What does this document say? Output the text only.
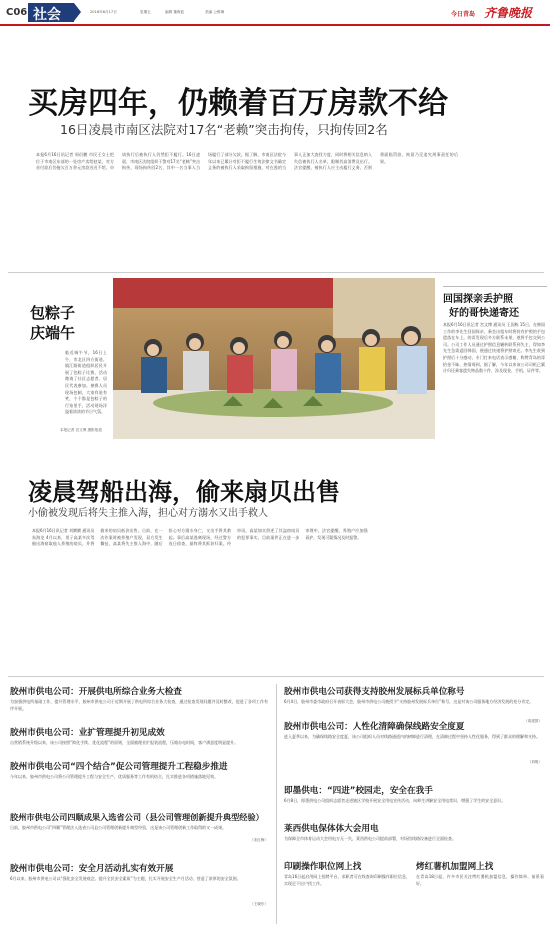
C06 社会	2016年6月17日	星期五	编辑 董海蓝	美编 公维琳	今日青岛 齐鲁晚报
买房四年，仍赖着百万房款不给
16日凌晨市南区法院对17名“老赖”突击拘传，只拘传回2名
本报6月16日讯记者 周衍鹏 市民王女士把位于市南区东部的一处房产卖给赵某，对方首付款后仍拖欠百万余元房款迟迟不给，申请执行后被执行人仍然拒不履行。16日凌晨，市南区法院组织干警对17名“老赖”突击拘传，现场拘传回2名，其中一名当事人当场履行了部分欠款。据了解，市南区法院今年以来已累计对拒不履行生效法律文书确定义务的被执行人采取拘留措施，对在逃的当事人正加大查找力度，同时将相关信息纳入失信被执行人名单，限制其高消费及出行。法官提醒，被执行人应主动履行义务，否则将面临罚款、拘留乃至追究刑事责任的后果。
包粽子
庆端午
临近端午节，16日上午，市北区四方街道、镇江路街道组织居民开展了包粽子比赛，活动邀请了社区志愿者、居民代表参加。参赛人员现场包制，大家有说有笑，个个都是包粽子的行家里手，活动现场洋溢着浓浓的节日气氛。
本报记者 宫文博 摄影报道
回国探亲丢护照
好的哥快递寄还
本报6月16日讯记者 宫文博 通讯员 王国栋 15日，在韩国工作的李先生回国探亲，乘坐出租车时将装有护照的手包遗落在车上。的哥发现后多方联系未果，遂将手包交到公司。公司工作人员通过护照信息辗转联系到失主，得知李先生急需返回韩国，便通过快递将护照寄还。李先生收到护照后十分感动，专门打来电话表示感谢，称赞青岛的哥拾金不昧、热情周到。据了解，今年以来该公司司机已累计归还乘客遗失物品数十件，涉及现金、手机、证件等。
凌晨驾船出海，偷来扇贝出售
小偷被发现后将失主推入海，担心对方溺水又出手救人
本报6月16日讯记者 刘腾腾 通讯员 朱海龙 4月以来，男子高某多次驾船出海窃取他人养殖的扇贝，并将偷来的扇贝低价出售。日前，在一次作案时被养殖户发现，双方发生撕扯，高某将失主推入海中，随后担心对方溺水身亡，又出手将其救起。事后高某逃离现场，经过警方连日侦查，最终将其抓获归案。经审讯，高某如实供述了其盗窃扇贝的犯罪事实，目前案件正在进一步审理中。法官提醒，养殖户应加强看护，发现可疑情况及时报警。
胶州市供电公司：开展供电所综合业务大检查
为加强供电所基础工作，提升管理水平，胶州市供电公司于近期开展了供电所综合业务大检查，通过检查发现问题并及时整改，促进了各项工作有序开展。
胶州市供电公司：业扩管理提升初见成效
自营销系统升级以来，该公司按照“简化手续、优化流程”的原则，全面梳理业扩报装流程，压缩办电时间，客户满意度明显提升。
胶州市供电公司“四个结合”促公司管理提升工程稳步推进
今年以来，胶州市供电公司将公司管理提升工程与安全生产、优质服务等工作有机结合，扎实推进各项措施落地见效。
胶州市供电公司四顺成果入选省公司（县公司管理创新提升典型经验）
日前，胶州市供电公司“四顺”管理法入选省公司县公司管理创新提升典型经验，这是该公司管理创新工作取得的又一成果。
（宋红梅）
胶州市供电公司：安全月活动扎实有效开展
6月以来，胶州市供电公司以“强化安全发展观念，提升全民安全素质”为主题，扎实开展安全生产月活动，营造了浓厚的安全氛围。
（王晓东）
胶州市供电公司获得支持胶州发展标兵单位称号
6月4日，胶州市委市政府召开表彰大会，胶州市供电公司被授予“支持胶州发展标兵单位”称号，这是对该公司服务地方经济发展的充分肯定。
（周建国）
胶州市供电公司：人性化清障确保线路安全度夏
进入夏季以来，为确保线路安全度夏，该公司组织人员对线路通道内的树障进行清理，在清障过程中坚持人性化服务，得到了群众的理解和支持。
（刘明）
即墨供电：“四进”校园走，安全在我手
6月8日，即墨供电公司组织志愿者走进辖区学校开展安全用电宣传活动，向师生讲解安全用电常识，增强了学生的安全意识。
莱西供电保体体大会用电
为保障全市体育运动大会用电万无一失，莱西供电公司提前部署，对场馆线路设备进行全面检查。
印刷操作职位网上找
青岛16日起启用网上招聘平台，求职者可在线查询印刷操作职位信息，实现足不出户找工作。
烤红薯机加盟网上找
在青岛18日起，许多市民关注烤红薯机加盟信息，操作简单、前景看好。
